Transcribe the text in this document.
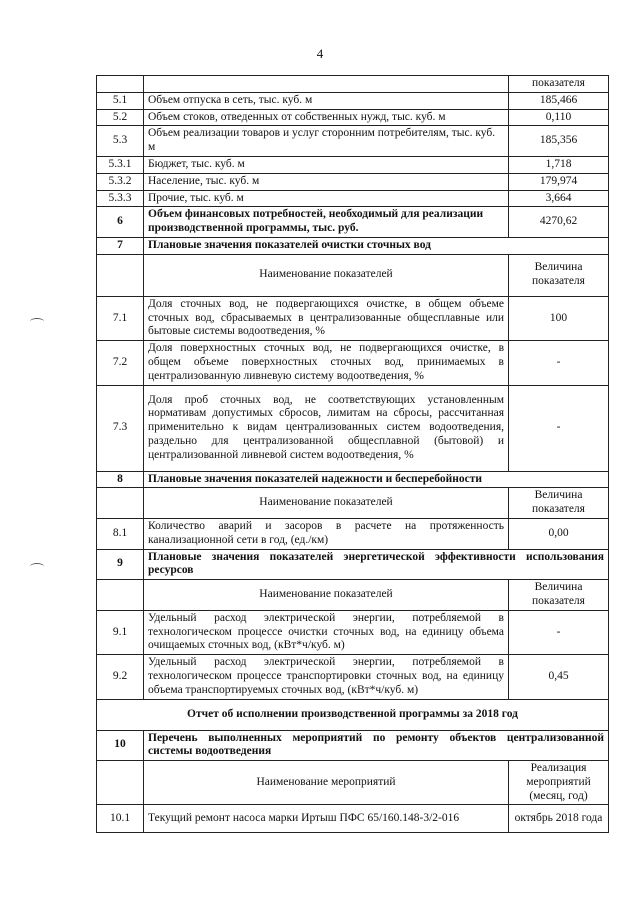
4
		показателя
5.1	Объем отпуска в сеть, тыс. куб. м	185,466
5.2	Объем стоков, отведенных от собственных нужд, тыс. куб. м	0,110
5.3	Объем реализации товаров и услуг сторонним потребителям, тыс. куб. м	185,356
5.3.1	Бюджет, тыс. куб. м	1,718
5.3.2	Население, тыс. куб. м	179,974
5.3.3	Прочие, тыс. куб. м	3,664
6	Объем финансовых потребностей, необходимый для реализации производственной программы, тыс. руб.	4270,62
7	Плановые значения показателей очистки сточных вод	
	Наименование показателей	Величина показателя
7.1	Доля сточных вод, не подвергающихся очистке, в общем объеме сточных вод, сбрасываемых в централизованные общесплавные или бытовые системы водоотведения, %	100
7.2	Доля поверхностных сточных вод, не подвергающихся очистке, в общем объеме поверхностных сточных вод, принимаемых в централизованную ливневую систему водоотведения, %	-
7.3	Доля проб сточных вод, не соответствующих установленным нормативам допустимых сбросов, лимитам на сбросы, рассчитанная применительно к видам централизованных систем водоотведения, раздельно для централизованной общесплавной (бытовой) и централизованной ливневой систем водоотведения, %	-
8	Плановые значения показателей надежности и бесперебойности	
	Наименование показателей	Величина показателя
8.1	Количество аварий и засоров в расчете на протяженность канализационной сети в год, (ед./км)	0,00
9	Плановые значения показателей энергетической эффективности использования ресурсов	
	Наименование показателей	Величина показателя
9.1	Удельный расход электрической энергии, потребляемой в технологическом процессе очистки сточных вод, на единицу объема очищаемых сточных вод, (кВт*ч/куб. м)	-
9.2	Удельный расход электрической энергии, потребляемой в технологическом процессе транспортировки сточных вод, на единицу объема транспортируемых сточных вод, (кВт*ч/куб. м)	0,45
Отчет об исполнении производственной программы за 2018 год		
10	Перечень выполненных мероприятий по ремонту объектов централизованной системы водоотведения	
	Наименование мероприятий	Реализация мероприятий (месяц, год)
10.1	Текущий ремонт насоса марки Иртыш ПФС 65/160.148-3/2-016	октябрь 2018 года
